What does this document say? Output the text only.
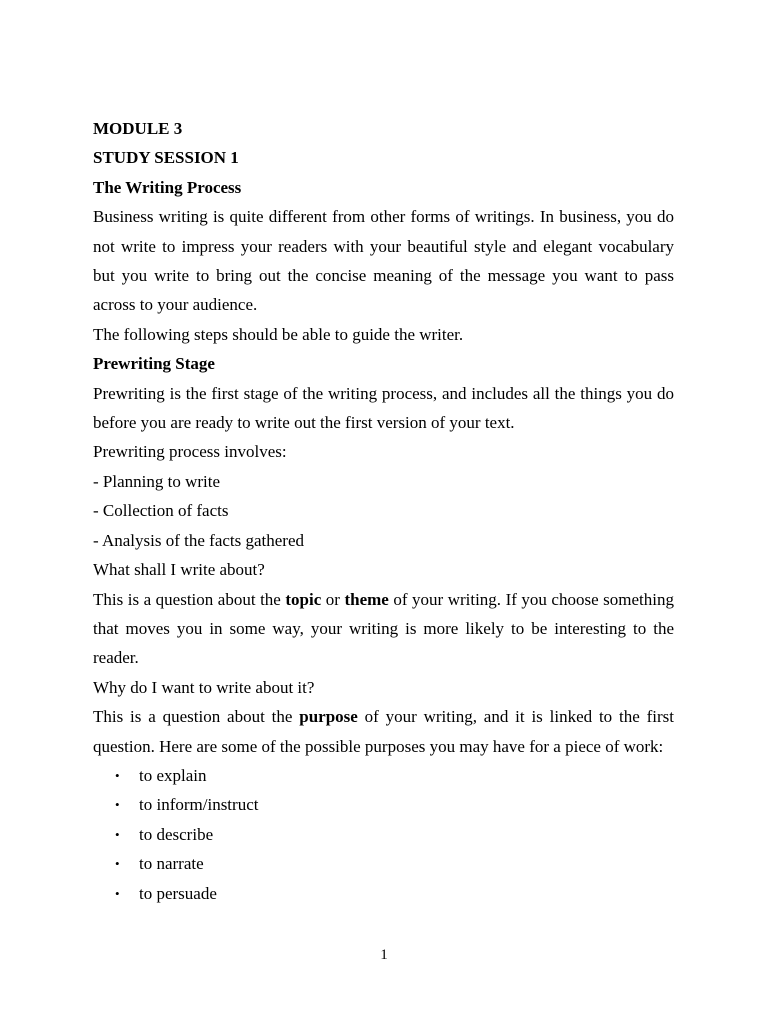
MODULE 3

STUDY SESSION 1

The Writing Process

Business writing is quite different from other forms of writings. In business, you do not write to impress your readers with your beautiful style and elegant vocabulary but you write to bring out the concise meaning of the message you want to pass across to your audience.

The following steps should be able to guide the writer.

Prewriting Stage

Prewriting is the first stage of the writing process, and includes all the things you do before you are ready to write out the first version of your text.

Prewriting process involves:

- Planning to write

- Collection of facts

- Analysis of the facts gathered

What shall I write about?

This is a question about the topic or theme of your writing. If you choose something that moves you in some way, your writing is more likely to be interesting to the reader.

Why do I want to write about it?

This is a question about the purpose of your writing, and it is linked to the first question. Here are some of the possible purposes you may have for a piece of work:

• to explain
• to inform/instruct
• to describe
• to narrate
• to persuade
1
